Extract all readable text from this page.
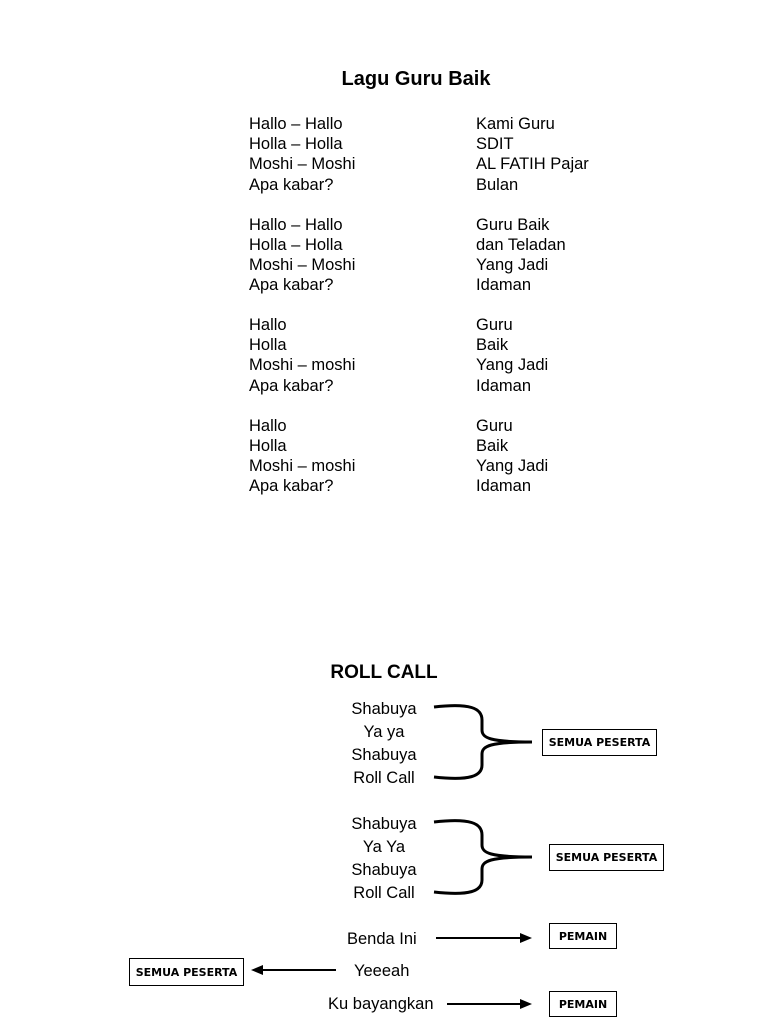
Lagu Guru Baik
Hallo – Hallo
Holla – Holla
Moshi – Moshi
Apa kabar?
Hallo – Hallo
Holla – Holla
Moshi – Moshi
Apa kabar?
Hallo
Holla
Moshi – moshi
Apa kabar?
Hallo
Holla
Moshi – moshi
Apa kabar?
Kami Guru
SDIT
AL FATIH Pajar
Bulan
Guru Baik
dan Teladan
Yang Jadi
Idaman
Guru
Baik
Yang Jadi
Idaman
Guru
Baik
Yang Jadi
Idaman
ROLL CALL
Shabuya
Ya ya
Shabuya
Roll Call
Shabuya
Ya Ya
Shabuya
Roll Call
SEMUA PESERTA
SEMUA PESERTA
Benda Ini	PEMAIN
Yeeeah
SEMUA PESERTA
Ku bayangkan	PEMAIN
